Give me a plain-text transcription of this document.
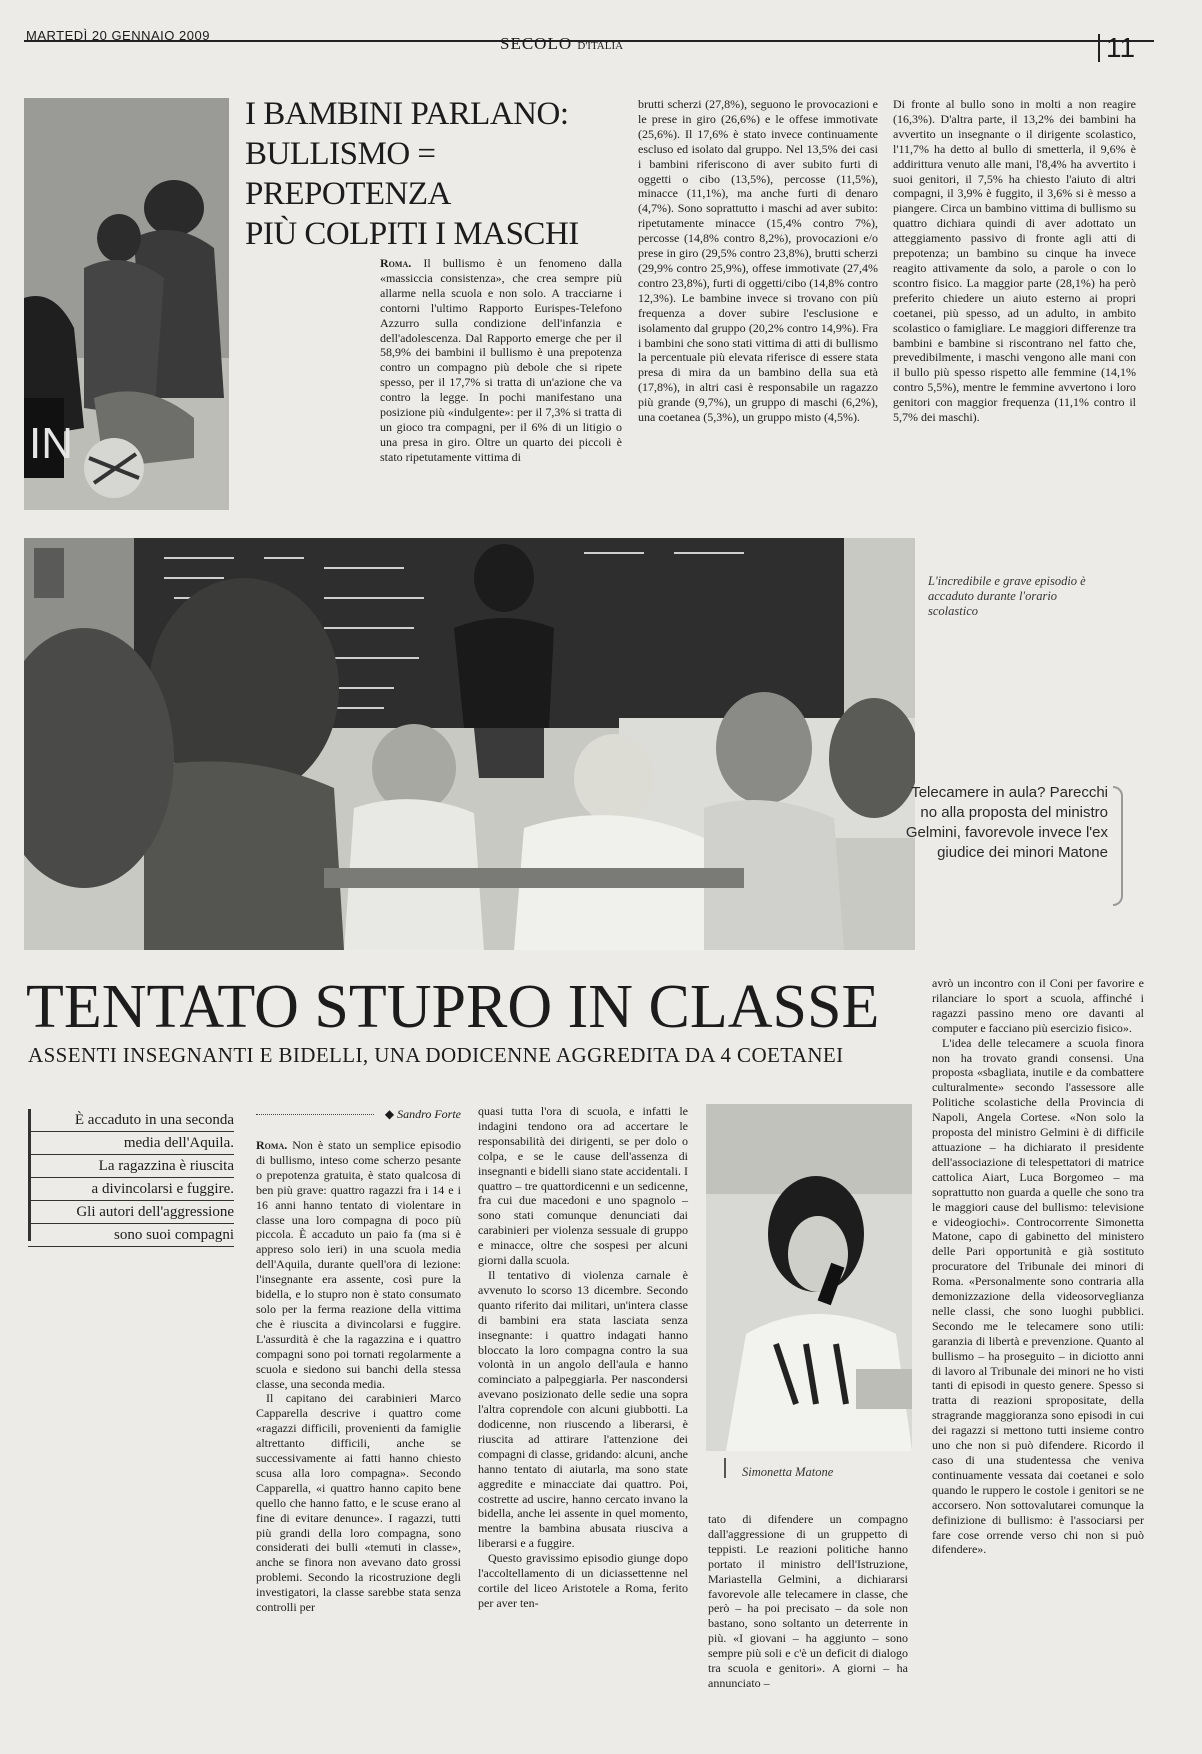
MARTEDÌ 20 GENNAIO 2009	SECOLO D'ITALIA	11
IN
I BAMBINI PARLANO:
BULLISMO = PREPOTENZA
PIÙ COLPITI I MASCHI

Roma. Il bullismo è un fenomeno dalla «massiccia consistenza», che crea sempre più allarme nella scuola e non solo. A tracciarne i contorni l'ultimo Rapporto Eurispes-Telefono Azzurro sulla condizione dell'infanzia e dell'adolescenza. Dal Rapporto emerge che per il 58,9% dei bambini il bullismo è una prepotenza contro un compagno più debole che si ripete spesso, per il 17,7% si tratta di un'azione che va contro la legge. In pochi manifestano una posizione più «indulgente»: per il 7,3% si tratta di un gioco tra compagni, per il 6% di un litigio o una presa in giro. Oltre un quarto dei piccoli è stato ripetutamente vittima di

brutti scherzi (27,8%), seguono le provocazioni e le prese in giro (26,6%) e le offese immotivate (25,6%). Il 17,6% è stato invece continuamente escluso ed isolato dal gruppo. Nel 13,5% dei casi i bambini riferiscono di aver subito furti di oggetti o cibo (13,5%), percosse (11,5%), minacce (11,1%), ma anche furti di denaro (4,7%). Sono soprattutto i maschi ad aver subito: ripetutamente minacce (15,4% contro 7%), percosse (14,8% contro 8,2%), provocazioni e/o prese in giro (29,5% contro 23,8%), brutti scherzi (29,9% contro 25,9%), offese immotivate (27,4% contro 23,8%), furti di oggetti/cibo (14,8% contro 12,3%). Le bambine invece si trovano con più frequenza a dover subire l'esclusione e isolamento dal gruppo (20,2% contro 14,9%). Fra i bambini che sono stati vittima di atti di bullismo la percentuale più elevata riferisce di essere stata presa di mira da un bambino della sua età (17,8%), in altri casi è responsabile un ragazzo più grande (9,7%), un gruppo di maschi (6,2%), una coetanea (5,3%), un gruppo misto (4,5%).

Di fronte al bullo sono in molti a non reagire (16,3%). D'altra parte, il 13,2% dei bambini ha avvertito un insegnante o il dirigente scolastico, l'11,7% ha detto al bullo di smetterla, il 9,6% è addirittura venuto alle mani, l'8,4% ha avvertito i suoi genitori, il 7,5% ha chiesto l'aiuto di altri compagni, il 3,9% è fuggito, il 3,6% si è messo a piangere. Circa un bambino vittima di bullismo su quattro dichiara quindi di aver adottato un atteggiamento passivo di fronte agli atti di prepotenza; un bambino su cinque ha invece reagito attivamente da solo, a parole o con lo scontro fisico. La maggior parte (28,1%) ha però preferito chiedere un aiuto esterno ai propri coetanei, più spesso, ad un adulto, in ambito scolastico o famigliare. Le maggiori differenze tra bambini e bambine si riscontrano nel fatto che, prevedibilmente, i maschi vengono alle mani con il bullo più spesso rispetto alle femmine (14,1% contro 5,5%), mentre le femmine avvertono i loro genitori con maggior frequenza (11,1% contro il 5,7% dei maschi).

L'incredibile e grave episodio è accaduto durante l'orario scolastico
Telecamere in aula? Parecchi no alla proposta del ministro Gelmini, favorevole invece l'ex giudice dei minori Matone
TENTATO STUPRO IN CLASSE
ASSENTI INSEGNANTI E BIDELLI, UNA DODICENNE AGGREDITA DA 4 COETANEI
È accaduto in una seconda
media dell'Aquila.
La ragazzina è riuscita
a divincolarsi e fuggire.
Gli autori dell'aggressione
sono suoi compagni
◆ Sandro Forte

Roma. Non è stato un semplice episodio di bullismo, inteso come scherzo pesante o prepotenza gratuita, è stato qualcosa di ben più grave: quattro ragazzi fra i 14 e i 16 anni hanno tentato di violentare in classe una loro compagna di poco più piccola. È accaduto un paio fa (ma si è appreso solo ieri) in una scuola media dell'Aquila, durante quell'ora di lezione: l'insegnante era assente, così pure la bidella, e lo stupro non è stato consumato solo per la ferma reazione della vittima che è riuscita a divincolarsi e fuggire. L'assurdità è che la ragazzina e i quattro compagni sono poi tornati regolarmente a scuola e siedono sui banchi della stessa classe, una seconda media.

Il capitano dei carabinieri Marco Capparella descrive i quattro come «ragazzi difficili, provenienti da famiglie altrettanto difficili, anche se successivamente ai fatti hanno chiesto scusa alla loro compagna». Secondo Capparella, «i quattro hanno capito bene quello che hanno fatto, e le scuse erano al fine di evitare denunce». I ragazzi, tutti più grandi della loro compagna, sono considerati dei bulli «temuti in classe», anche se finora non avevano dato grossi problemi. Secondo la ricostruzione degli investigatori, la classe sarebbe stata senza controlli per

quasi tutta l'ora di scuola, e infatti le indagini tendono ora ad accertare le responsabilità dei dirigenti, se per dolo o colpa, e se le cause dell'assenza di insegnanti e bidelli siano state accidentali. I quattro – tre quattordicenni e un sedicenne, fra cui due macedoni e uno spagnolo – sono stati comunque denunciati dai carabinieri per violenza sessuale di gruppo e minacce, oltre che sospesi per alcuni giorni dalla scuola.

Il tentativo di violenza carnale è avvenuto lo scorso 13 dicembre. Secondo quanto riferito dai militari, un'intera classe di bambini era stata lasciata senza insegnante: i quattro indagati hanno bloccato la loro compagna contro la sua volontà in un angolo dell'aula e hanno cominciato a palpeggiarla. Per nascondersi avevano posizionato delle sedie una sopra l'altra coprendole con alcuni giubbotti. La dodicenne, non riuscendo a liberarsi, è riuscita ad attirare l'attenzione dei compagni di classe, gridando: alcuni, anche hanno tentato di aiutarla, ma sono state aggredite e minacciate dai quattro. Poi, costrette ad uscire, hanno cercato invano la bidella, anche lei assente in quel momento, mentre la bambina abusata riusciva a liberarsi e a fuggire.

Questo gravissimo episodio giunge dopo l'accoltellamento di un diciassettenne nel cortile del liceo Aristotele a Roma, ferito per aver ten-

Simonetta Matone

tato di difendere un compagno dall'aggressione di un gruppetto di teppisti. Le reazioni politiche hanno portato il ministro dell'Istruzione, Mariastella Gelmini, a dichiararsi favorevole alle telecamere in classe, che però – ha poi precisato – da sole non bastano, sono soltanto un deterrente in più. «I giovani – ha aggiunto – sono sempre più soli e c'è un deficit di dialogo tra scuola e genitori». A giorni – ha annunciato –

avrò un incontro con il Coni per favorire e rilanciare lo sport a scuola, affinché i ragazzi passino meno ore davanti al computer e facciano più esercizio fisico».

L'idea delle telecamere a scuola finora non ha trovato grandi consensi. Una proposta «sbagliata, inutile e da combattere culturalmente» secondo l'assessore alle Politiche scolastiche della Provincia di Napoli, Angela Cortese. «Non solo la proposta del ministro Gelmini è di difficile attuazione – ha dichiarato il presidente dell'associazione di telespettatori di matrice cattolica Aiart, Luca Borgomeo – ma soprattutto non guarda a quelle che sono tra le maggiori cause del bullismo: televisione e videogiochi». Controcorrente Simonetta Matone, capo di gabinetto del ministero delle Pari opportunità e già sostituto procuratore del Tribunale dei minori di Roma. «Personalmente sono contraria alla demonizzazione della videosorveglianza nelle classi, che sono luoghi pubblici. Secondo me le telecamere sono utili: garanzia di libertà e prevenzione. Quanto al bullismo – ha proseguito – in diciotto anni di lavoro al Tribunale dei minori ne ho visti tanti di episodi in questo genere. Spesso si tratta di reazioni spropositate, della stragrande maggioranza sono episodi in cui dei ragazzi si mettono tutti insieme contro uno che non si può difendere. Ricordo il caso di una studentessa che veniva continuamente vessata dai coetanei e solo quando le ruppero le costole i genitori se ne accorsero. Non sottovalutarei comunque la definizione di bullismo: è l'associarsi per fare cose orrende verso chi non si può difendere».
